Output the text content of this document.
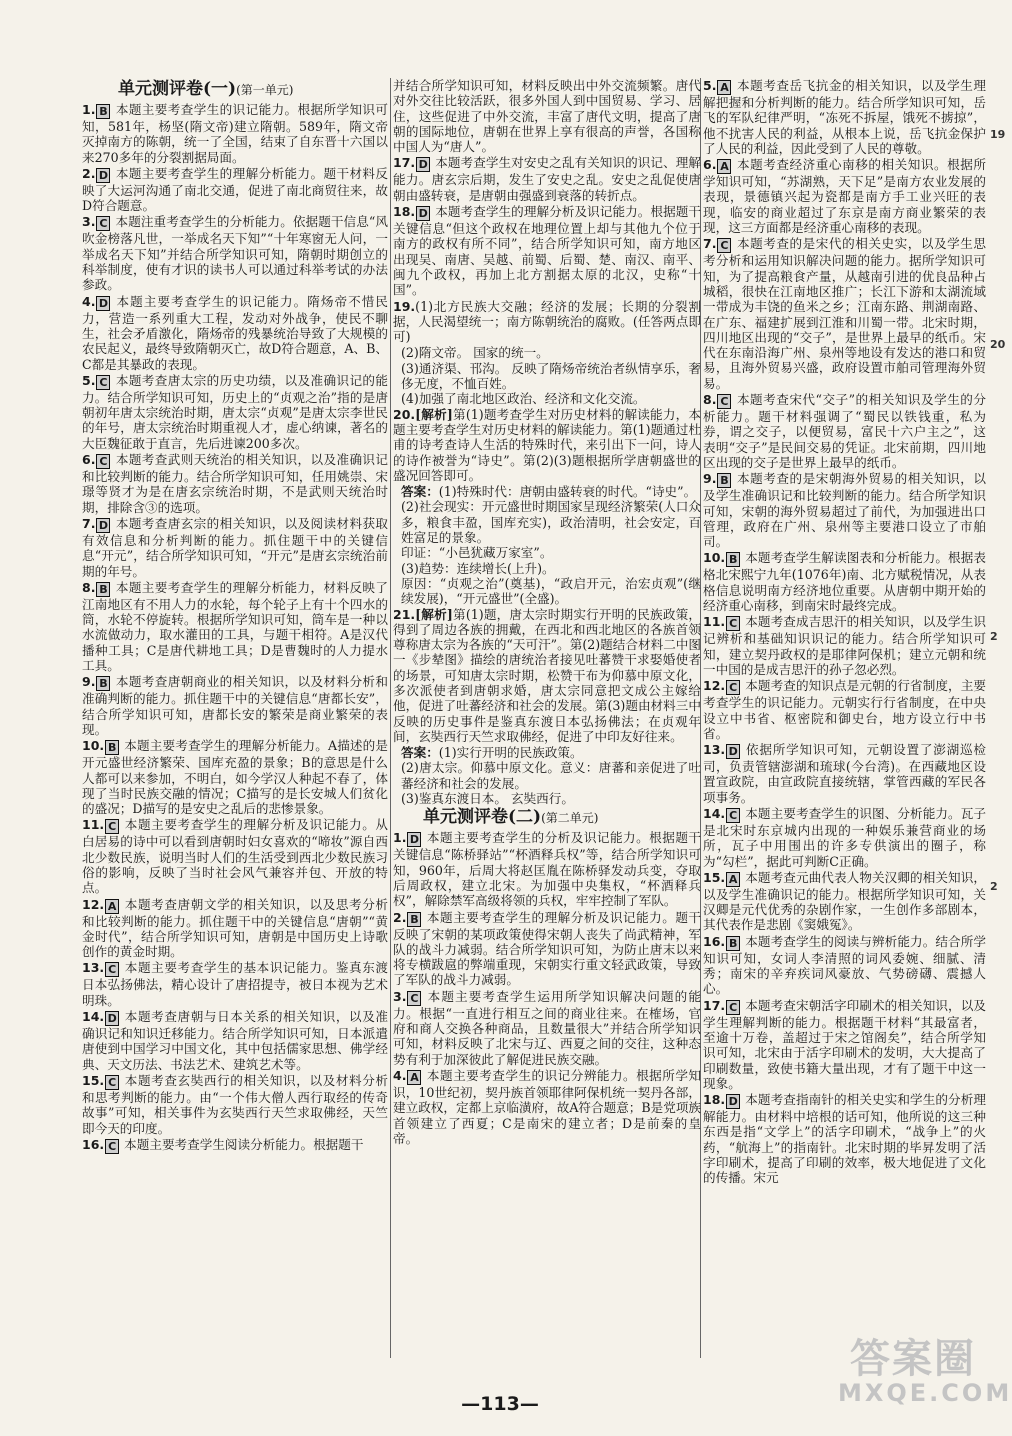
单元测评卷(一)(第一单元)

1. B 本题主要考查学生的识记能力。根据所学知识可知，581年，杨坚(隋文帝)建立隋朝。589年，隋文帝灭掉南方的陈朝，统一了全国，结束了自东晋十六国以来270多年的分裂割据局面。

2. D 本题主要考查学生的理解分析能力。题干材料反映了大运河沟通了南北交通，促进了南北商贸往来，故D符合题意。

3. C 本题注重考查学生的分析能力。依据题干信息“风吹金榜落凡世，一举成名天下知”“十年寒窗无人问，一举成名天下知”并结合所学知识可知，隋朝时期创立的科举制度，使有才识的读书人可以通过科举考试的办法参政。

4. D 本题主要考查学生的识记能力。隋炀帝不惜民力，营造一系列重大工程，发动对外战争，使民不聊生，社会矛盾激化，隋炀帝的残暴统治导致了大规模的农民起义，最终导致隋朝灭亡，故D符合题意，A、B、C都是其暴政的表现。

5. C 本题考查唐太宗的历史功绩，以及准确识记的能力。结合所学知识可知，历史上的“贞观之治”指的是唐朝初年唐太宗统治时期，唐太宗“贞观”是唐太宗李世民的年号，唐太宗统治时期重视人才，虚心纳谏，著名的大臣魏征敢于直言，先后进谏200多次。

6. C 本题考查武则天统治的相关知识，以及准确识记和比较判断的能力。结合所学知识可知，任用姚崇、宋璟等贤才为是在唐玄宗统治时期，不是武则天统治时期，排除含③的选项。

7. D 本题考查唐玄宗的相关知识，以及阅读材料获取有效信息和分析判断的能力。抓住题干中的关键信息“开元”，结合所学知识可知，“开元”是唐玄宗统治前期的年号。

8. B 本题主要考查学生的理解分析能力，材料反映了江南地区有不用人力的水轮，每个轮子上有十个四水的筒，水轮不停旋转。根据所学知识可知，筒车是一种以水流做动力，取水灌田的工具，与题干相符。A是汉代播种工具；C是唐代耕地工具；D是曹魏时的人力提水工具。

9. B 本题考查唐朝商业的相关知识，以及材料分析和准确判断的能力。抓住题干中的关键信息“唐都长安”，结合所学知识可知，唐都长安的繁荣是商业繁荣的表现。

10. B 本题主要考查学生的理解分析能力。A描述的是开元盛世经济繁荣、国库充盈的景象；B的意思是什么人都可以来参加，不明白，如今学汉人种起不春了，体现了当时民族交融的情况；C描写的是长安城人们贫化的盛况；D描写的是安史之乱后的悲惨景象。

11. C 本题主要考查学生的理解分析及识记能力。从白居易的诗中可以看到唐朝时妇女喜欢的“啼妆”源自西北少数民族，说明当时人们的生活受到西北少数民族习俗的影响，反映了当时社会风气兼容并包、开放的特点。

12. A 本题考查唐朝文学的相关知识，以及思考分析和比较判断的能力。抓住题干中的关键信息“唐朝”“黄金时代”，结合所学知识可知，唐朝是中国历史上诗歌创作的黄金时期。

13. C 本题主要考查学生的基本识记能力。鉴真东渡日本弘扬佛法，精心设计了唐招提寺，被日本视为艺术明珠。

14. D 本题考查唐朝与日本关系的相关知识，以及准确识记和知识迁移能力。结合所学知识可知，日本派遣唐使到中国学习中国文化，其中包括儒家思想、佛学经典、天文历法、书法艺术、建筑艺术等。

15. C 本题考查玄奘西行的相关知识，以及材料分析和思考判断的能力。由“一个伟大僧人西行取经的传奇故事”可知，相关事件为玄奘西行天竺求取佛经，天竺即今天的印度。

16. C 本题主要考查学生阅读分析能力。根据题干

并结合所学知识可知，材料反映出中外交流频繁。唐代对外交往比较活跃，很多外国人到中国贸易、学习、居住，这些促进了中外交流，丰富了唐代文明，提高了唐朝的国际地位，唐朝在世界上享有很高的声誉，各国称中国人为“唐人”。

17. D 本题考查学生对安史之乱有关知识的识记、理解能力。唐玄宗后期，发生了安史之乱。安史之乱促使唐朝由盛转衰，是唐朝由强盛到衰落的转折点。

18. D 本题考查学生的理解分析及识记能力。根据题干关键信息“但这个政权在地理位置上却与其他九个位于南方的政权有所不同”，结合所学知识可知，南方地区出现吴、南唐、吴越、前蜀、后蜀、楚、南汉、南平、闽九个政权，再加上北方割据太原的北汉，史称“十国”。

19.(1)北方民族大交融；经济的发展；长期的分裂割据，人民渴望统一；南方陈朝统治的腐败。(任答两点即可)

(2)隋文帝。 国家的统一。

(3)通济渠、邗沟。 反映了隋炀帝统治者纵情享乐，奢侈无度，不恤百姓。

(4)加强了南北地区政治、经济和文化交流。

20.[解析]第(1)题考查学生对历史材料的解读能力，本题主要考查学生对历史材料的解读能力。第(1)题通过杜甫的诗考查诗人生活的特殊时代，来引出下一问，诗人的诗作被誉为“诗史”。第(2)(3)题根据所学唐朝盛世的盛况回答即可。

答案：(1)特殊时代：唐朝由盛转衰的时代。“诗史”。

(2)社会现实：开元盛世时期国家呈现经济繁荣(人口众多，粮食丰盈，国库充实)，政治清明，社会安定，百姓富足的景象。

印证：“小邑犹藏万家室”。

(3)趋势：连续增长(上升)。

原因：“贞观之治”(奠基)，“政启开元，治宏贞观”(继续发展)，“开元盛世”(全盛)。

21.[解析]第(1)题，唐太宗时期实行开明的民族政策，得到了周边各族的拥戴，在西北和西北地区的各族首领尊称唐太宗为各族的“天可汗”。第(2)题结合材料二中图一《步辇图》描绘的唐统治者接见吐蕃赞干求娶婚使者的场景，可知唐太宗时期，松赞干布为仰慕中原文化，多次派使者到唐朝求婚，唐太宗同意把文成公主嫁给他，促进了吐蕃经济和社会的发展。第(3)题由材料三中反映的历史事件是鉴真东渡日本弘扬佛法；在贞观年间，玄奘西行天竺求取佛经，促进了中印友好往来。

答案：(1)实行开明的民族政策。

(2)唐太宗。仰慕中原文化。意义：唐蕃和亲促进了吐蕃经济和社会的发展。

(3)鉴真东渡日本。 玄奘西行。

单元测评卷(二)(第二单元)

1. D 本题主要考查学生的分析及识记能力。根据题干关键信息“陈桥驿站”“杯酒释兵权”等，结合所学知识可知，960年，后周大将赵匡胤在陈桥驿发动兵变，夺取后周政权，建立北宋。为加强中央集权，“杯酒释兵权”，解除禁军高级将领的兵权，牢牢控制了军队。

2. B 本题主要考查学生的理解分析及识记能力。题干反映了宋朝的某项政策使得宋朝人丧失了尚武精神，军队的战斗力减弱。结合所学知识可知，为防止唐末以来将专横跋扈的弊端重现，宋朝实行重文轻武政策，导致了军队的战斗力减弱。

3. C 本题主要考查学生运用所学知识解决问题的能力。根据“一直进行相互之间的商业往来。在榷场，官府和商人交换各种商品，且数量很大”并结合所学知识可知，材料反映了北宋与辽、西夏之间的交往，这种态势有利于加深彼此了解促进民族交融。

4. A 本题主要考查学生的识记分辨能力。根据所学知识，10世纪初，契丹族首领耶律阿保机统一契丹各部，建立政权，定都上京临潢府，故A符合题意；B是党项族首领建立了西夏；C是南宋的建立者；D是前秦的皇帝。

5. A 本题考查岳飞抗金的相关知识，以及学生理解把握和分析判断的能力。结合所学知识可知，岳飞的军队纪律严明，“冻死不拆屋，饿死不掳掠”，他不扰害人民的利益，从根本上说，岳飞抗金保护了人民的利益，因此受到了人民的尊敬。

6. A 本题考查经济重心南移的相关知识。根据所学知识可知，“苏湖熟，天下足”是南方农业发展的表现，景德镇兴起为瓷都是南方手工业兴旺的表现，临安的商业超过了东京是南方商业繁荣的表现，这三方面都是经济重心南移的表现。

7. C 本题考查的是宋代的相关史实，以及学生思考分析和运用知识解决问题的能力。据所学知识可知，为了提高粮食产量，从越南引进的优良品种占城稻，很快在江南地区推广；长江下游和太湖流域一带成为丰饶的鱼米之乡；江南东路、荆湖南路、在广东、福建扩展到江淮和川蜀一带。北宋时期，四川地区出现的“交子”，是世界上最早的纸币。宋代在东南沿海广州、泉州等地设有发达的港口和贸易，且海外贸易兴盛，政府设置市舶司管理海外贸易。

8. C 本题考查宋代“交子”的相关知识及学生的分析能力。题干材料强调了“蜀民以铁钱重，私为券，谓之交子，以便贸易，富民十六户主之”，这表明“交子”是民间交易的凭证。北宋前期，四川地区出现的交子是世界上最早的纸币。

9. B 本题考查的是宋朝海外贸易的相关知识，以及学生准确识记和比较判断的能力。结合所学知识可知，宋朝的海外贸易超过了前代，为加强进出口管理，政府在广州、泉州等主要港口设立了市舶司。

10. B 本题考查学生解读图表和分析能力。根据表格北宋熙宁九年(1076年)南、北方赋税情况，从表格信息说明南方经济地位重要。从唐朝中期开始的经济重心南移，到南宋时最终完成。

11. C 本题考查成吉思汗的相关知识，以及学生识记辨析和基础知识识记的能力。结合所学知识可知，建立契丹政权的是耶律阿保机；建立元朝和统一中国的是成吉思汗的孙子忽必烈。

12. C 本题考查的知识点是元朝的行省制度，主要考查学生的识记能力。元朝实行行省制度，在中央设立中书省、枢密院和御史台，地方设立行中书省。

13. D 依据所学知识可知，元朝设置了澎湖巡检司，负责管辖澎湖和琉球(今台湾)。在西藏地区设置宣政院，由宣政院直接统辖，掌管西藏的军民各项事务。

14. C 本题主要考查学生的识图、分析能力。瓦子是北宋时东京城内出现的一种娱乐兼营商业的场所，瓦子中用围出的许多专供演出的圈子，称为“勾栏”，据此可判断C正确。

15. A 本题考查元曲代表人物关汉卿的相关知识，以及学生准确识记的能力。根据所学知识可知，关汉卿是元代优秀的杂剧作家，一生创作多部剧本，其代表作是悲剧《窦娥冤》。

16. B 本题考查学生的阅读与辨析能力。结合所学知识可知，女词人李清照的词风委婉、细腻、清秀；南宋的辛弃疾词风豪放、气势磅礴、震撼人心。

17. C 本题考查宋朝活字印刷术的相关知识，以及学生理解判断的能力。根据题干材料“其最富者，至逾十万卷，盖超过于宋之馆阁矣”，结合所学知识可知，北宋由于活字印刷术的发明，大大提高了印刷数量，致使书籍大量出现，才有了题干中这一现象。

18. D 本题考查指南针的相关史实和学生的分析理解能力。由材料中培根的话可知，他所说的这三种东西是指“文学上”的活字印刷术，“战争上”的火药，“航海上”的指南针。北宋时期的毕昇发明了活字印刷术，提高了印刷的效率，极大地促进了文化的传播。宋元

19
20
2
2
—113—
答案圈
MXQE.COM
